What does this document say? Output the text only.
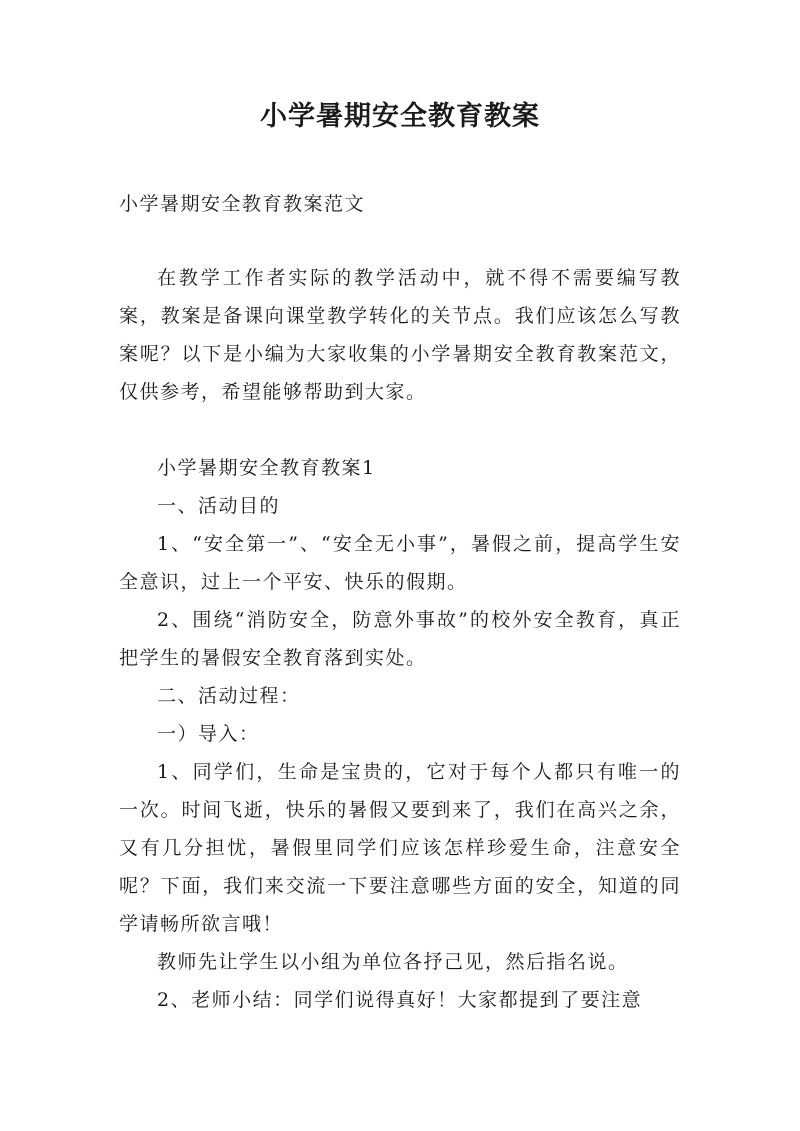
小学暑期安全教育教案
小学暑期安全教育教案范文

在教学工作者实际的教学活动中，就不得不需要编写教案，教案是备课向课堂教学转化的关节点。我们应该怎么写教案呢？以下是小编为大家收集的小学暑期安全教育教案范文，仅供参考，希望能够帮助到大家。

小学暑期安全教育教案1

一、活动目的

1、“安全第一”、“安全无小事”，暑假之前，提高学生安全意识，过上一个平安、快乐的假期。

2、围绕“消防安全，防意外事故”的校外安全教育，真正把学生的暑假安全教育落到实处。

二、活动过程：

一）导入：

1、同学们，生命是宝贵的，它对于每个人都只有唯一的一次。时间飞逝，快乐的暑假又要到来了，我们在高兴之余，又有几分担忧，暑假里同学们应该怎样珍爱生命，注意安全呢？下面，我们来交流一下要注意哪些方面的安全，知道的同学请畅所欲言哦！

教师先让学生以小组为单位各抒己见，然后指名说。

2、老师小结：同学们说得真好！大家都提到了要注意
